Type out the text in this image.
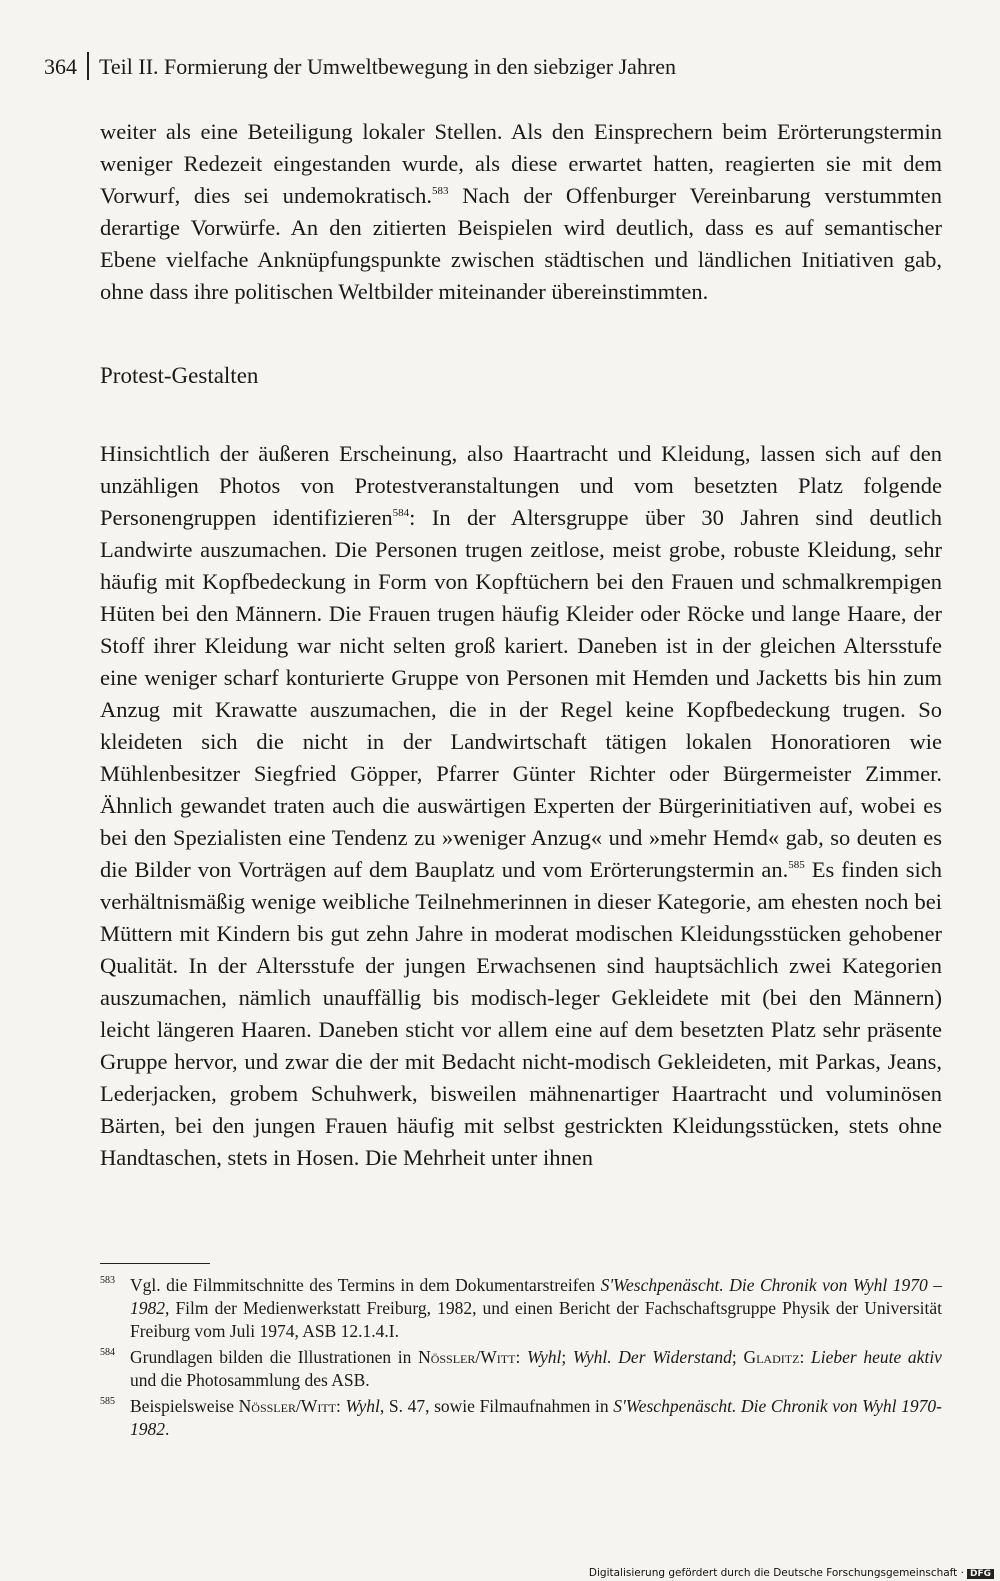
364 Teil II. Formierung der Umweltbewegung in den siebziger Jahren

weiter als eine Beteiligung lokaler Stellen. Als den Einsprechern beim Erörterungstermin weniger Redezeit eingestanden wurde, als diese erwartet hatten, reagierten sie mit dem Vorwurf, dies sei undemokratisch.$^{583}$ Nach der Offenburger Vereinbarung verstummten derartige Vorwürfe. An den zitierten Beispielen wird deutlich, dass es auf semantischer Ebene vielfache Anknüpfungspunkte zwischen städtischen und ländlichen Initiativen gab, ohne dass ihre politischen Weltbilder miteinander übereinstimmten.

Protest-Gestalten

Hinsichtlich der äußeren Erscheinung, also Haartracht und Kleidung, lassen sich auf den unzähligen Photos von Protestveranstaltungen und vom besetzten Platz folgende Personengruppen identifizieren$^{584}$: In der Altersgruppe über 30 Jahren sind deutlich Landwirte auszumachen. Die Personen trugen zeitlose, meist grobe, robuste Kleidung, sehr häufig mit Kopfbedeckung in Form von Kopftüchern bei den Frauen und schmalkrempigen Hüten bei den Männern. Die Frauen trugen häufig Kleider oder Röcke und lange Haare, der Stoff ihrer Kleidung war nicht selten groß kariert. Daneben ist in der gleichen Altersstufe eine weniger scharf konturierte Gruppe von Personen mit Hemden und Jacketts bis hin zum Anzug mit Krawatte auszumachen, die in der Regel keine Kopfbedeckung trugen. So kleideten sich die nicht in der Landwirtschaft tätigen lokalen Honoratioren wie Mühlenbesitzer Siegfried Göpper, Pfarrer Günter Richter oder Bürgermeister Zimmer. Ähnlich gewandet traten auch die auswärtigen Experten der Bürgerinitiativen auf, wobei es bei den Spezialisten eine Tendenz zu »weniger Anzug« und »mehr Hemd« gab, so deuten es die Bilder von Vorträgen auf dem Bauplatz und vom Erörterungstermin an.$^{585}$ Es finden sich verhältnismäßig wenige weibliche Teilnehmerinnen in dieser Kategorie, am ehesten noch bei Müttern mit Kindern bis gut zehn Jahre in moderat modischen Kleidungsstücken gehobener Qualität. In der Altersstufe der jungen Erwachsenen sind hauptsächlich zwei Kategorien auszumachen, nämlich unauffällig bis modisch-leger Gekleidete mit (bei den Männern) leicht längeren Haaren. Daneben sticht vor allem eine auf dem besetzten Platz sehr präsente Gruppe hervor, und zwar die der mit Bedacht nicht-modisch Gekleideten, mit Parkas, Jeans, Lederjacken, grobem Schuhwerk, bisweilen mähnenartiger Haartracht und voluminösen Bärten, bei den jungen Frauen häufig mit selbst gestrickten Kleidungsstücken, stets ohne Handtaschen, stets in Hosen. Die Mehrheit unter ihnen

583 Vgl. die Filmmitschnitte des Termins in dem Dokumentarstreifen S'Weschpenäscht. Die Chronik von Wyhl 1970 – 1982, Film der Medienwerkstatt Freiburg, 1982, und einen Bericht der Fachschaftsgruppe Physik der Universität Freiburg vom Juli 1974, ASB 12.1.4.I.
584 Grundlagen bilden die Illustrationen in Nössler/Witt: Wyhl; Wyhl. Der Widerstand; Gladitz: Lieber heute aktiv und die Photosammlung des ASB.
585 Beispielsweise Nössler/Witt: Wyhl, S. 47, sowie Filmaufnahmen in S'Weschpenäscht. Die Chronik von Wyhl 1970-1982.
Digitalisierung gefördert durch die Deutsche Forschungsgemeinschaft · DFG
